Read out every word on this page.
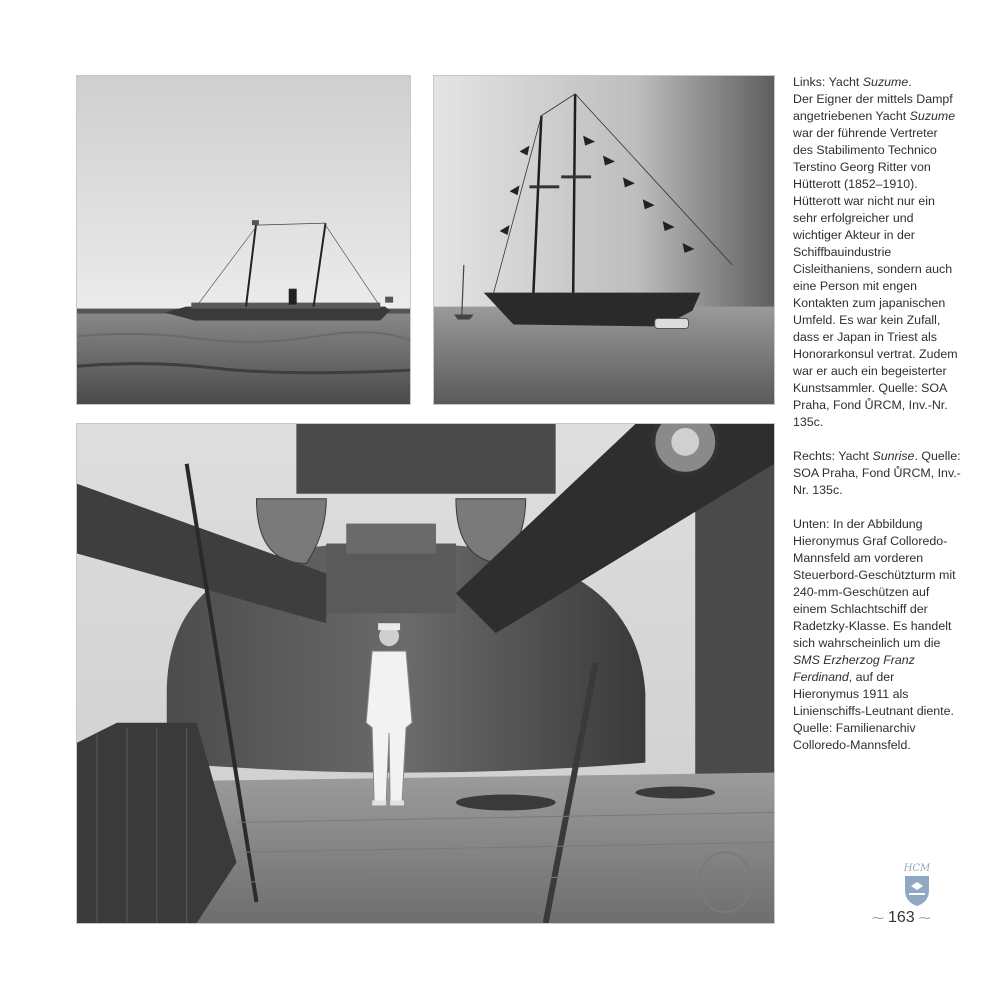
Links: Yacht Suzume.
Der Eigner der mittels Dampf angetriebenen Yacht Suzume war der führende Vertreter des Stabilimento Technico Terstino Georg Ritter von Hütterott (1852–1910). Hütterott war nicht nur ein sehr erfolgreicher und wichtiger Akteur in der Schiffbauindustrie Cisleithaniens, sondern auch eine Person mit engen Kontakten zum japanischen Umfeld. Es war kein Zufall, dass er Japan in Triest als Honorarkonsul vertrat. Zudem war er auch ein begeisterter Kunstsammler. Quelle: SOA Praha, Fond ŮRCM, Inv.-Nr. 135c.

Rechts: Yacht Sunrise. Quelle: SOA Praha, Fond ŮRCM, Inv.-Nr. 135c.

Unten: In der Abbildung Hieronymus Graf Colloredo-Mannsfeld am vorderen Steuerbord-Geschützturm mit 240-mm-Geschützen auf einem Schlachtschiff der Radetzky-Klasse. Es handelt sich wahrscheinlich um die SMS Erzherzog Franz Ferdinand, auf der Hieronymus 1911 als Linienschiffs-Leutnant diente. Quelle: Familienarchiv Colloredo-Mannsfeld.

HCM
⁓ 163 ⁓
